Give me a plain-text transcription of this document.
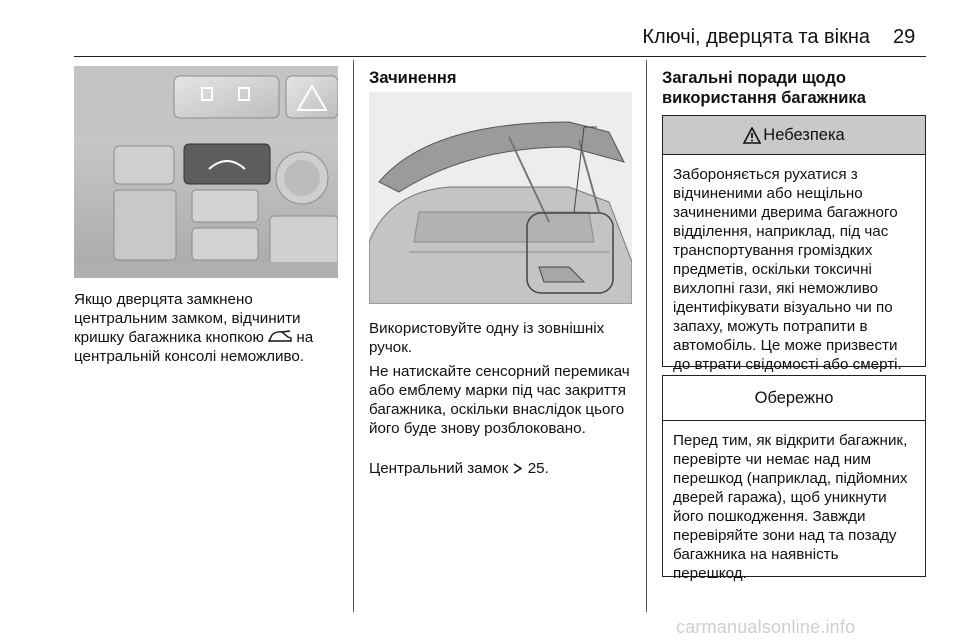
Ключі, дверцята та вікна 29

Якщо дверцята замкнено центральним замком, відчинити кришку багажника кнопкою на центральній консолі неможливо.

Зачинення

Використовуйте одну із зовнішніх ручок.

Не натискайте сенсорний перемикач або емблему марки під час закриття багажника, оскільки внаслідок цього його буде знову розблоковано.

Центральний замок 25.

Загальні поради щодо використання багажника
Небезпека
Забороняється рухатися з відчиненими або нещільно зачиненими дверима багажного відділення, наприклад, під час транспортування громіздких предметів, оскільки токсичні вихлопні гази, які неможливо ідентифікувати візуально чи по запаху, можуть потрапити в автомобіль. Це може призвести до втрати свідомості або смерті.
Обережно
Перед тим, як відкрити багажник, перевірте чи немає над ним перешкод (наприклад, підйомних дверей гаража), щоб уникнути його пошкодження. Завжди перевіряйте зони над та позаду багажника на наявність перешкод.
carmanualsonline.info
